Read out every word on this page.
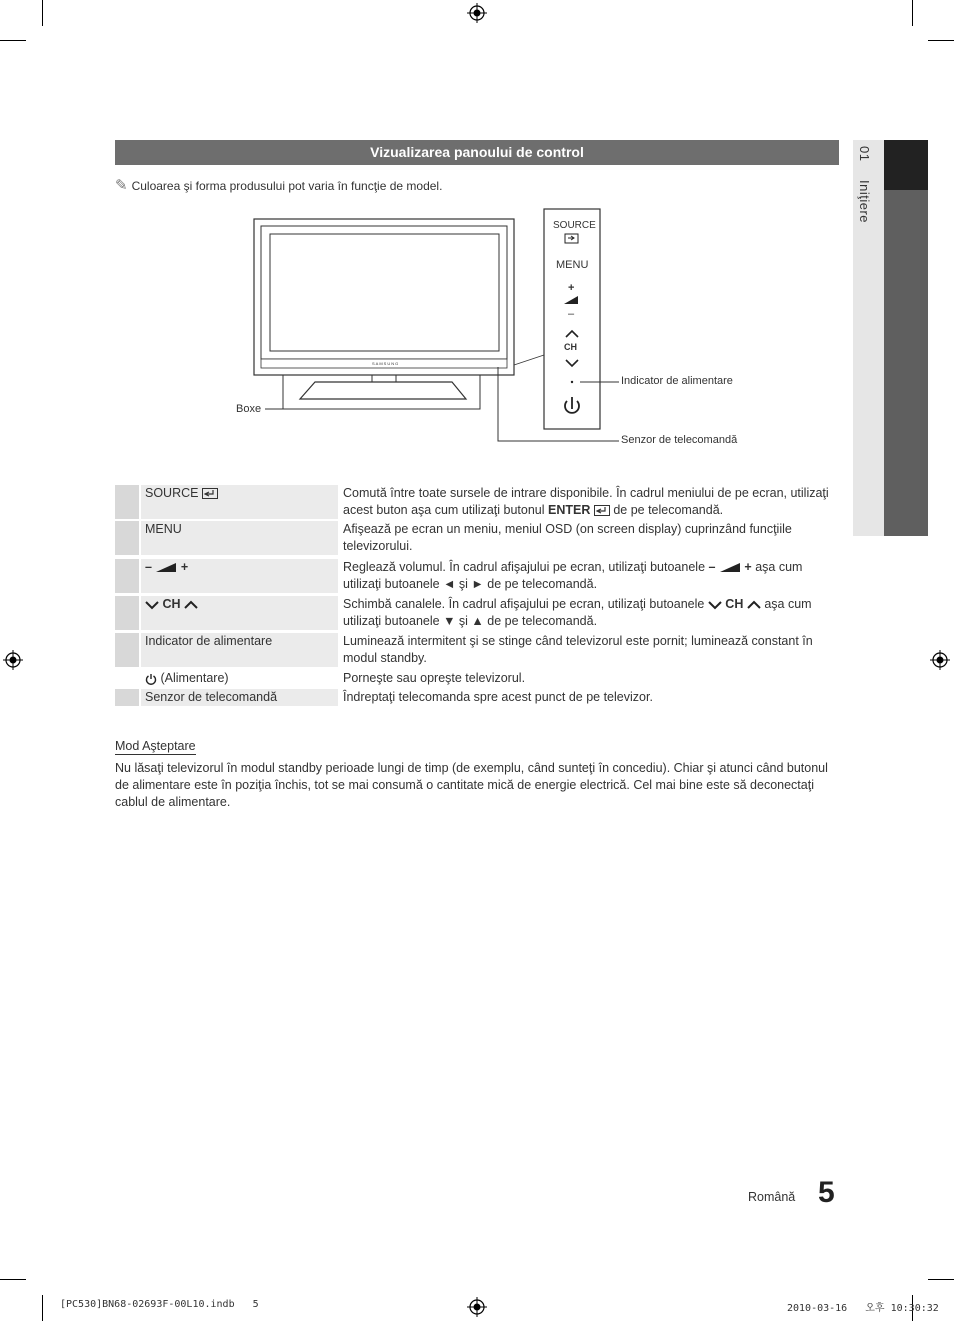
01 Iniţiere
Vizualizarea panoului de control
✎ Culoarea şi forma produsului pot varia în funcţie de model.
SAMSUNG
SOURCE
MENU
+
–
CH
Boxe
Indicator de alimentare
Senzor de telecomandă
SOURCE	Comută între toate sursele de intrare disponibile. În cadrul meniului de pe ecran, utilizaţi acest buton aşa cum utilizaţi butonul ENTER  de pe telecomandă.
MENU	Afişează pe ecran un meniu, meniul OSD (on screen display) cuprinzând funcţiile televizorului.
– +	Reglează volumul. În cadrul afişajului pe ecran, utilizaţi butoanele – + aşa cum utilizaţi butoanele ◄ şi ► de pe telecomandă.
CH	Schimbă canalele. În cadrul afişajului pe ecran, utilizaţi butoanele  CH  aşa cum utilizaţi butoanele ▼ şi ▲ de pe telecomandă.
Indicator de alimentare	Luminează intermitent şi se stinge când televizorul este pornit; luminează constant în modul standby.
(Alimentare)	Porneşte sau opreşte televizorul.
Senzor de telecomandă	Îndreptaţi telecomanda spre acest punct de pe televizor.
Mod Aşteptare
Nu lăsaţi televizorul în modul standby perioade lungi de timp (de exemplu, când sunteţi în concediu). Chiar şi atunci când butonul de alimentare este în poziţia închis, tot se mai consumă o cantitate mică de energie electrică. Cel mai bine este să deconectaţi cablul de alimentare.
Română 5
[PC530]BN68-02693F-00L10.indb   5	2010-03-16   오후 10:30:32
